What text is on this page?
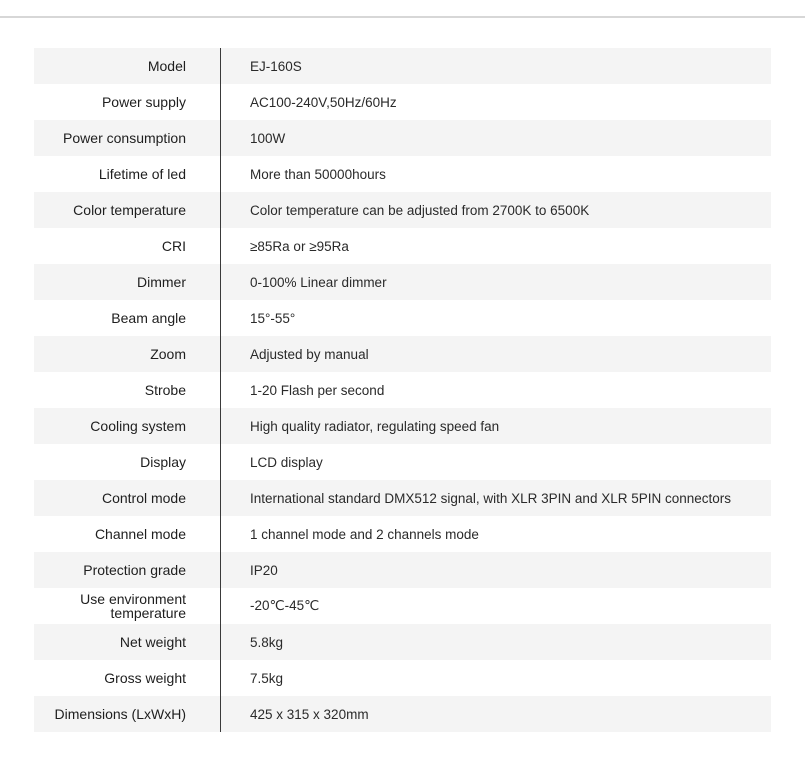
Model	EJ-160S
Power supply	AC100-240V,50Hz/60Hz
Power consumption	100W
Lifetime of led	More than 50000hours
Color temperature	Color temperature can be adjusted from 2700K to 6500K
CRI	≥85Ra or ≥95Ra
Dimmer	0-100% Linear dimmer
Beam angle	15°-55°
Zoom	Adjusted by manual
Strobe	1-20 Flash per second
Cooling system	High quality radiator, regulating speed fan
Display	LCD display
Control mode	International standard DMX512 signal, with XLR 3PIN and XLR 5PIN connectors
Channel mode	1 channel mode and 2 channels mode
Protection grade	IP20
Use environment temperature	-20℃-45℃
Net weight	5.8kg
Gross weight	7.5kg
Dimensions (LxWxH)	425 x 315 x 320mm
